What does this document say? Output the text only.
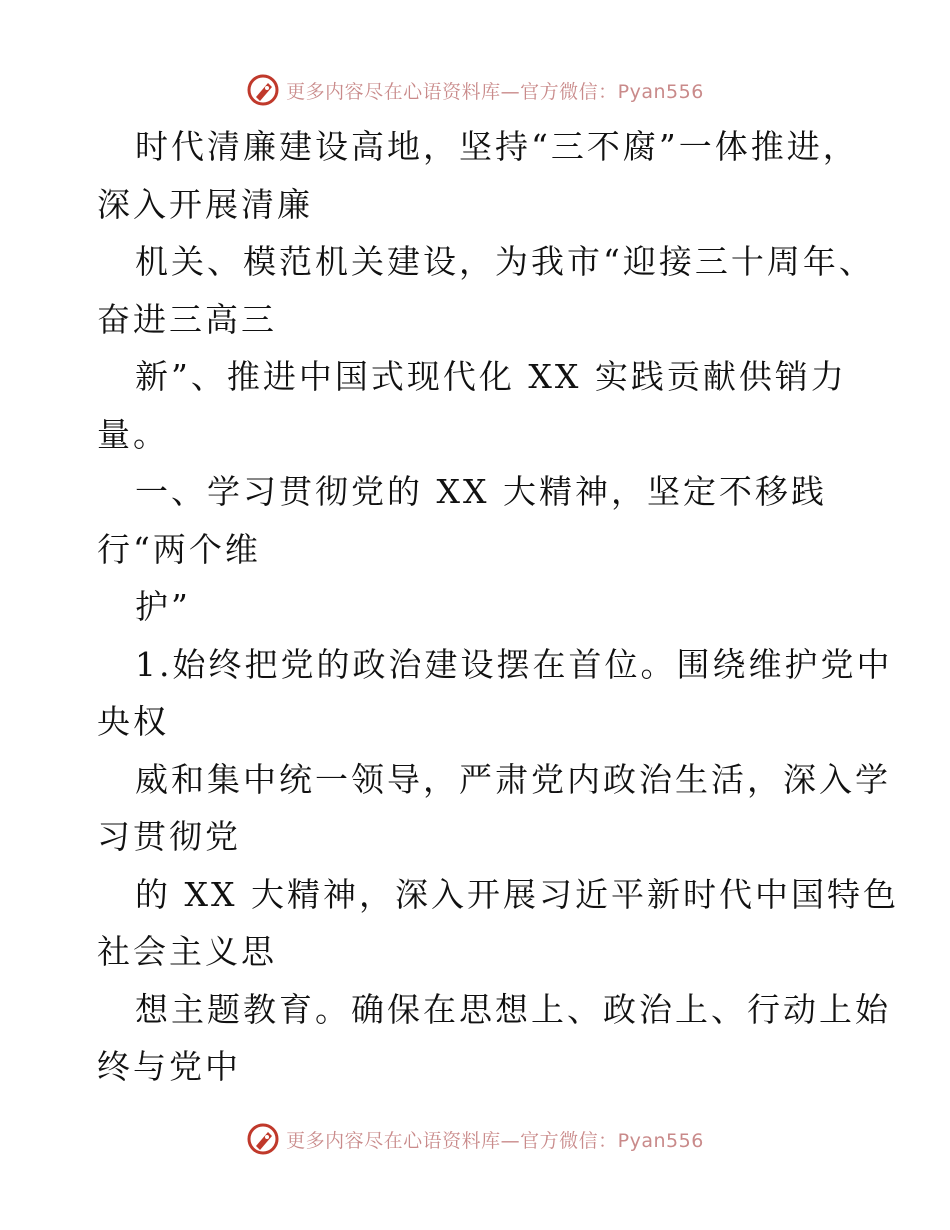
更多内容尽在心语资料库—官方微信：Pyan556
时代清廉建设高地，坚持“三不腐”一体推进，
深入开展清廉
机关、模范机关建设，为我市“迎接三十周年、
奋进三高三
新”、推进中国式现代化 XX 实践贡献供销力
量。
一、学习贯彻党的 XX 大精神，坚定不移践
行“两个维
护”
1.始终把党的政治建设摆在首位。围绕维护党中
央权
威和集中统一领导，严肃党内政治生活，深入学
习贯彻党
的 XX 大精神，深入开展习近平新时代中国特色
社会主义思
想主题教育。确保在思想上、政治上、行动上始
终与党中
更多内容尽在心语资料库—官方微信：Pyan556
